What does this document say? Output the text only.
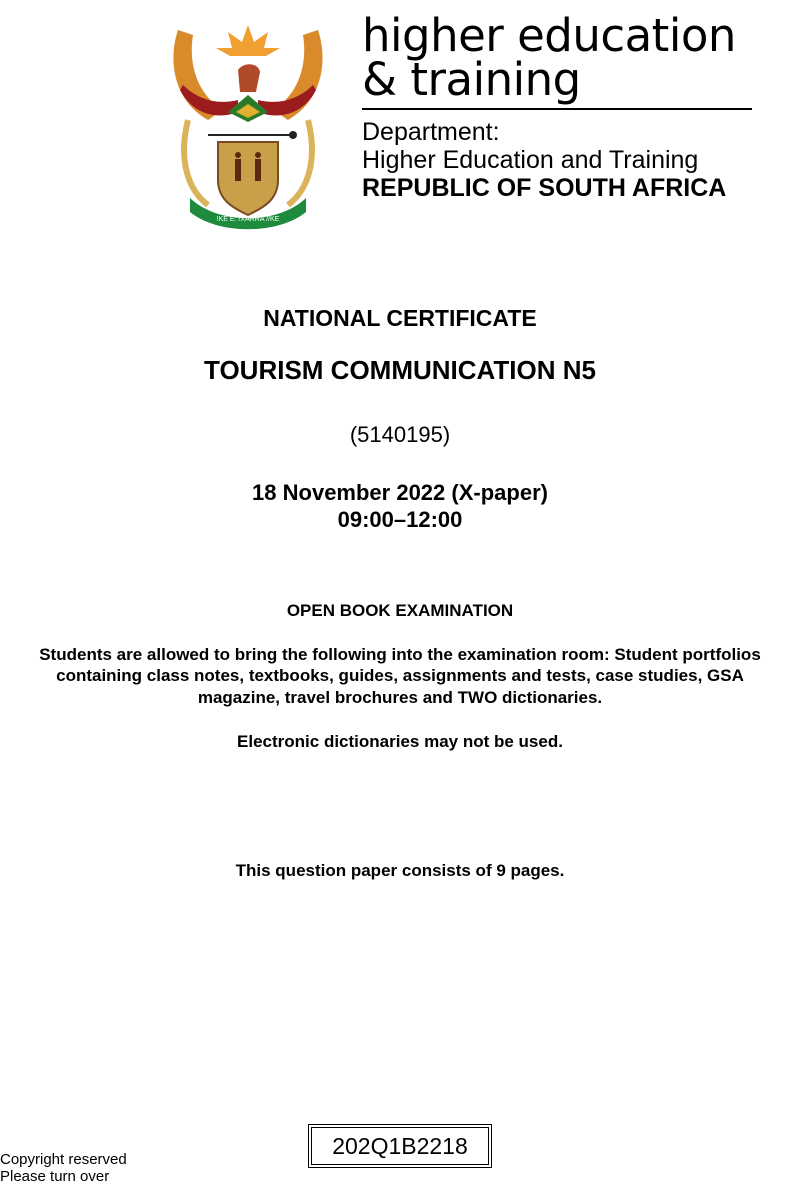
!KE E: /XARRA //KE
higher education
& training
Department:
Higher Education and Training
REPUBLIC OF SOUTH AFRICA
NATIONAL CERTIFICATE
TOURISM COMMUNICATION N5
(5140195)
18 November 2022 (X-paper)
09:00–12:00
OPEN BOOK EXAMINATION
Students are allowed to bring the following into the examination room: Student portfolios
containing class notes, textbooks, guides, assignments and tests, case studies, GSA
magazine, travel brochures and TWO dictionaries.
Electronic dictionaries may not be used.
This question paper consists of 9 pages.
Copyright reserved
Please turn over
202Q1B2218
